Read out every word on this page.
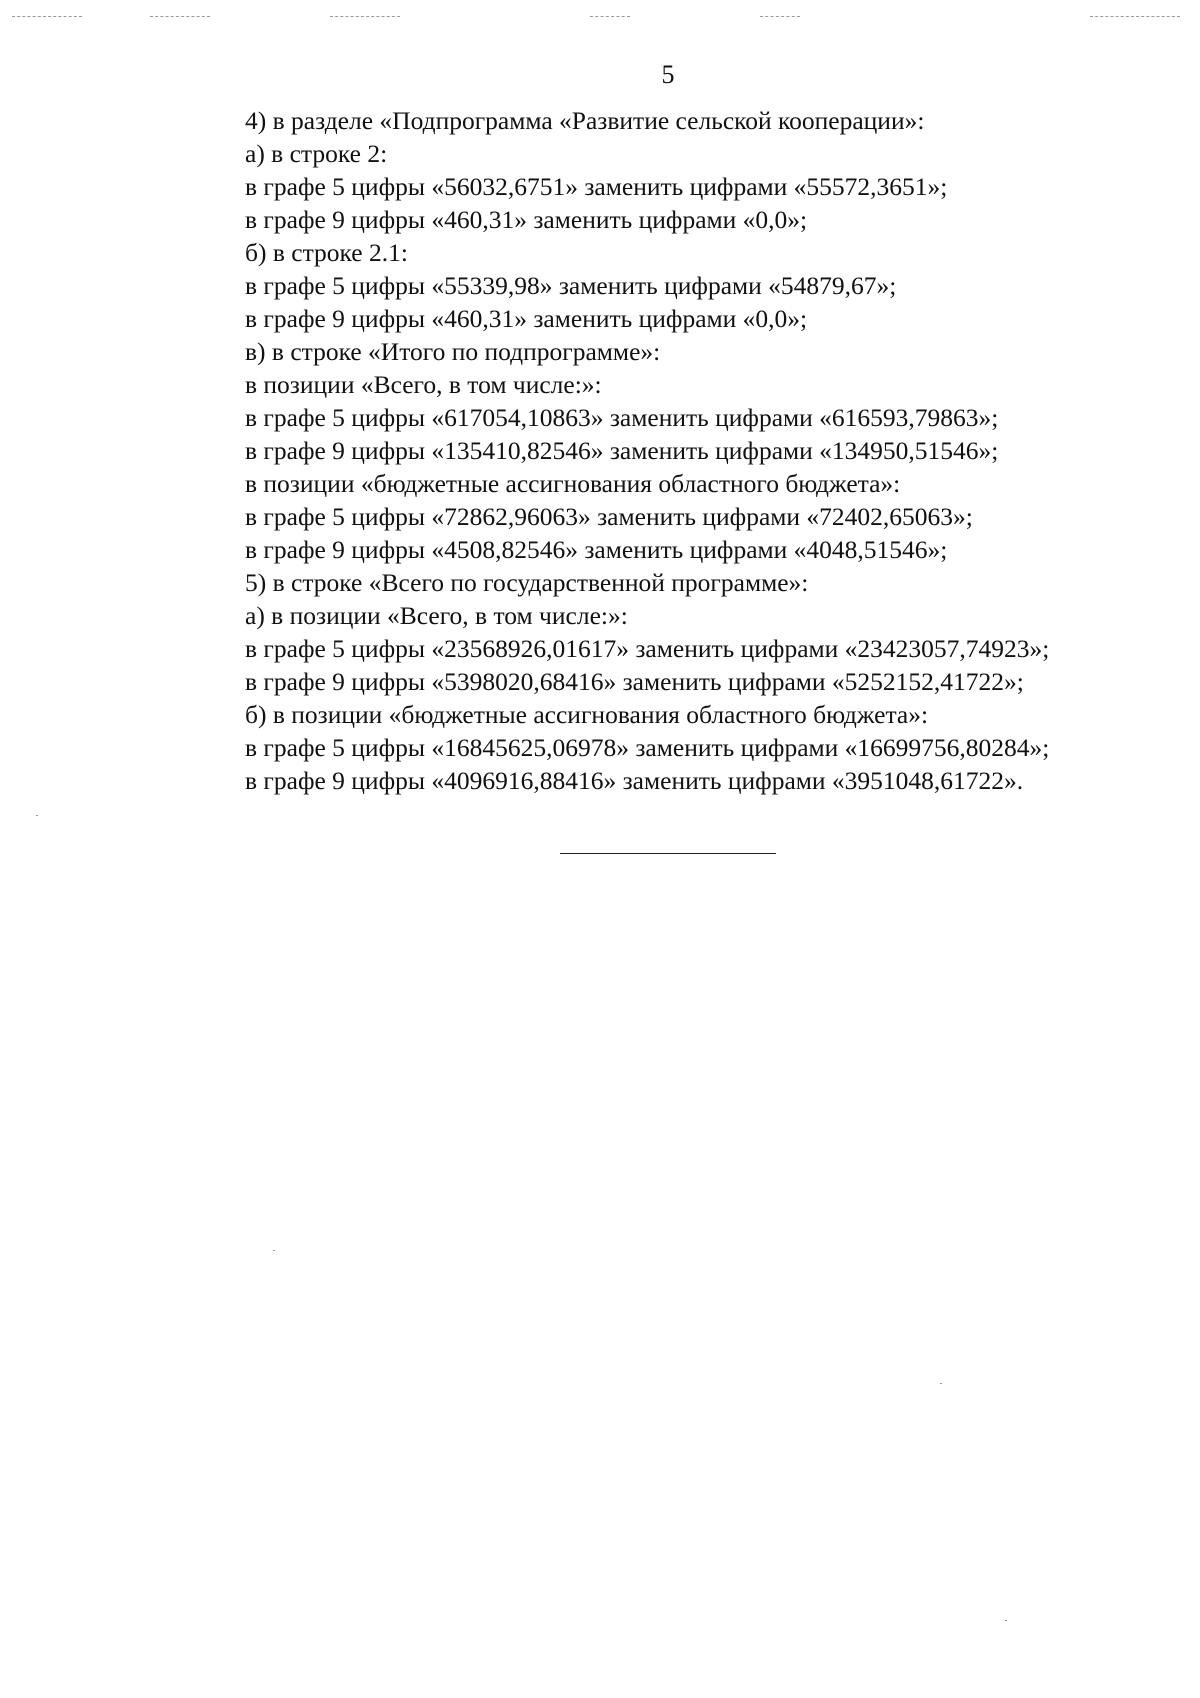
5

4) в разделе «Подпрограмма «Развитие сельской кооперации»:
а) в строке 2:
в графе 5 цифры «56032,6751» заменить цифрами «55572,3651»;
в графе 9 цифры «460,31» заменить цифрами «0,0»;
б) в строке 2.1:
в графе 5 цифры «55339,98» заменить цифрами «54879,67»;
в графе 9 цифры «460,31» заменить цифрами «0,0»;
в) в строке «Итого по подпрограмме»:
в позиции «Всего, в том числе:»:
в графе 5 цифры «617054,10863» заменить цифрами «616593,79863»;
в графе 9 цифры «135410,82546» заменить цифрами «134950,51546»;
в позиции «бюджетные ассигнования областного бюджета»:
в графе 5 цифры «72862,96063» заменить цифрами «72402,65063»;
в графе 9 цифры «4508,82546» заменить цифрами «4048,51546»;
5) в строке «Всего по государственной программе»:
а) в позиции «Всего, в том числе:»:
в графе 5 цифры «23568926,01617» заменить цифрами «23423057,74923»;
в графе 9 цифры «5398020,68416» заменить цифрами «5252152,41722»;
б) в позиции «бюджетные ассигнования областного бюджета»:
в графе 5 цифры «16845625,06978» заменить цифрами «16699756,80284»;
в графе 9 цифры «4096916,88416» заменить цифрами «3951048,61722».
